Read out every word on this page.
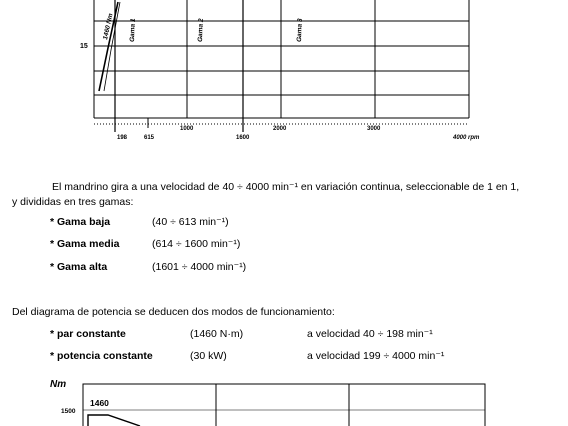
15
1460 Nm Gama 1	Gama 2	Gama 3
1000	2000	3000
198	615	1600	4000 rpm
El mandrino gira a una velocidad de 40 ÷ 4000 min⁻¹ en variación continua, seleccionable de 1 en 1,
y divididas en tres gamas:
* Gama baja	(40 ÷ 613 min⁻¹)
* Gama media	(614 ÷ 1600 min⁻¹)
* Gama alta	(1601 ÷ 4000 min⁻¹)
Del diagrama de potencia se deducen dos modos de funcionamiento:
* par constante	(1460 N·m)	a velocidad 40 ÷ 198 min⁻¹
* potencia constante	(30 kW)	a velocidad 199 ÷ 4000 min⁻¹
Nm
1500
1460
